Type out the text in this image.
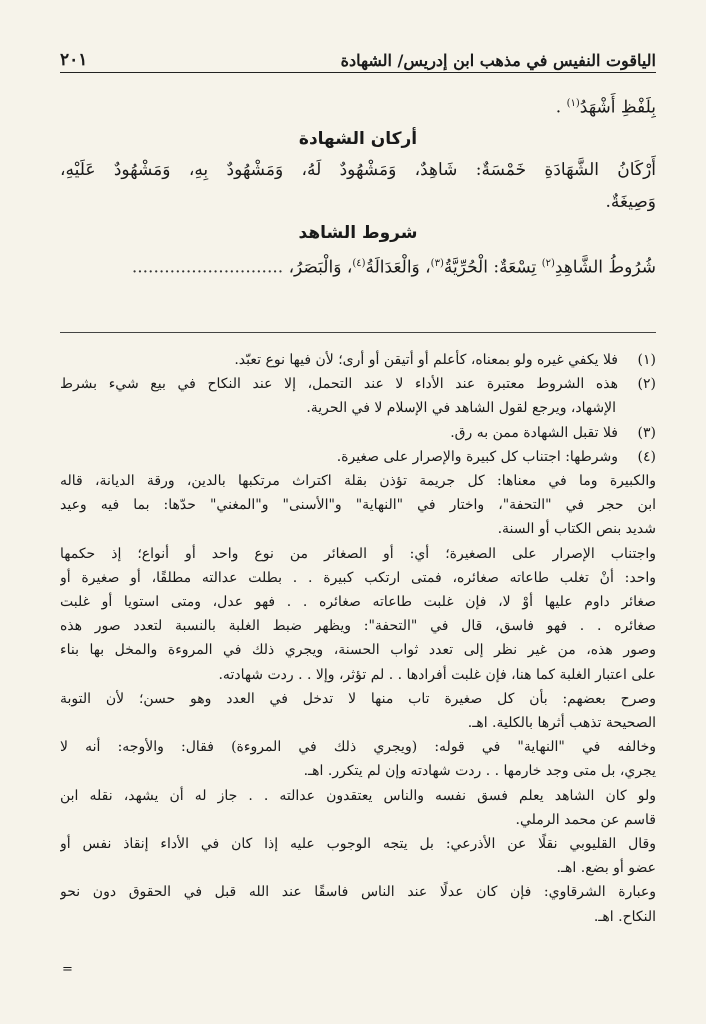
الياقوت النفيس في مذهب ابن إدريس/ الشهادة
٢٠١
بِلَفْظِ أَشْهَدُ$^{(١)}$ .
أركان الشهادة
أَرْكَانُ الشَّهَادَةِ خَمْسَةٌ: شَاهِدٌ، وَمَشْهُودٌ لَهُ، وَمَشْهُودٌ بِهِ، وَمَشْهُودٌ عَلَيْهِ،
وَصِيغَةٌ.
شروط الشاهد
شُرُوطُ الشَّاهِدِ$^{(٢)}$ تِسْعَةٌ: الْحُرِّيَّةُ$^{(٣)}$، وَالْعَدَالَةُ$^{(٤)}$، وَالْبَصَرُ، ............................
(١)فلا يكفي غيره ولو بمعناه، كأعلم أو أتيقن أو أرى؛ لأن فيها نوع تعبّد.
(٢)هذه الشروط معتبرة عند الأداء لا عند التحمل، إلا عند النكاح في بيع شيء بشرط
الإشهاد، ويرجع لقول الشاهد في الإسلام لا في الحرية.
(٣)فلا تقبل الشهادة ممن به رق.
(٤)وشرطها: اجتناب كل كبيرة والإصرار على صغيرة.
والكبيرة وما في معناها: كل جريمة تؤذن بقلة اكتراث مرتكبها بالدين، ورقة الديانة، قاله
ابن حجر في "التحفة"، واختار في "النهاية" و"الأسنى" و"المغني" حدّها: بما فيه وعيد
شديد بنص الكتاب أو السنة.
واجتناب الإصرار على الصغيرة؛ أي: أو الصغائر من نوع واحد أو أنواع؛ إذ حكمها
واحد: أنْ تغلب طاعاته صغائره، فمتى ارتكب كبيرة . . بطلت عدالته مطلقًا، أو صغيرة أو
صغائر داوم عليها أوْ لا، فإن غلبت طاعاته صغائره . . فهو عدل، ومتى استويا أو غلبت
صغائره . . فهو فاسق، قال في "التحفة": ويظهر ضبط الغلبة بالنسبة لتعدد صور هذه
وصور هذه، من غير نظر إلى تعدد ثواب الحسنة، ويجري ذلك في المروءة والمخل بها بناء
على اعتبار الغلبة كما هنا، فإن غلبت أفرادها . . لم تؤثر، وإلا . . ردت شهادته.
وصرح بعضهم: بأن كل صغيرة تاب منها لا تدخل في العدد وهو حسن؛ لأن التوبة
الصحيحة تذهب أثرها بالكلية. اهـ.
وخالفه في "النهاية" في قوله: (ويجري ذلك في المروءة) فقال: والأوجه: أنه لا
يجري، بل متى وجد خارمها . . ردت شهادته وإن لم يتكرر. اهـ.
ولو كان الشاهد يعلم فسق نفسه والناس يعتقدون عدالته . . جاز له أن يشهد، نقله ابن
قاسم عن محمد الرملي.
وقال القليوبي نقلًا عن الأذرعي: بل يتجه الوجوب عليه إذا كان في الأداء إنقاذ نفس أو
عضو أو بضع. اهـ.
وعبارة الشرقاوي: فإن كان عدلًا عند الناس فاسقًا عند الله قبل في الحقوق دون نحو
النكاح. اهـ.
=
